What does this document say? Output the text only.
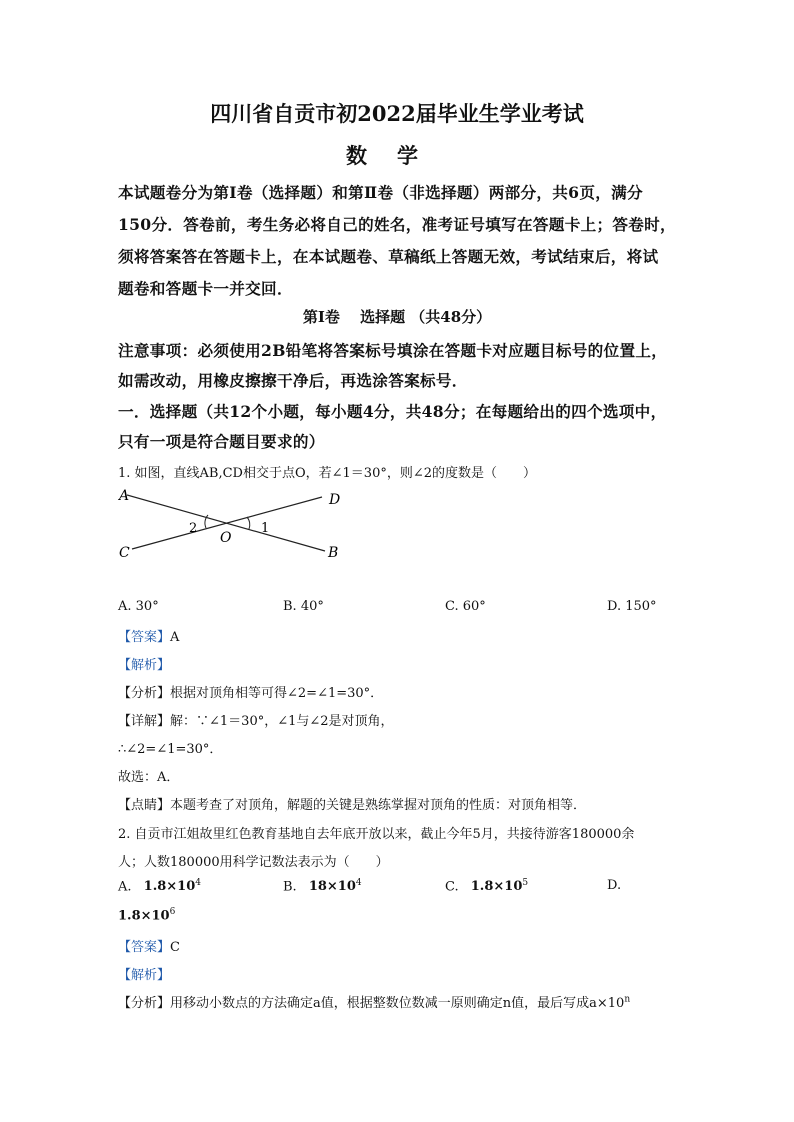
四川省自贡市初2022届毕业生学业考试
数学
本试题卷分为第Ⅰ卷（选择题）和第Ⅱ卷（非选择题）两部分，共6页，满分
150分．答卷前，考生务必将自己的姓名，准考证号填写在答题卡上；答卷时，
须将答案答在答题卡上，在本试题卷、草稿纸上答题无效，考试结束后，将试
题卷和答题卡一并交回．
第Ⅰ卷　 选择题 （共48分）
注意事项：必须使用2B铅笔将答案标号填涂在答题卡对应题目标号的位置上，
如需改动，用橡皮擦擦干净后，再选涂答案标号．
一．选择题（共12个小题，每小题4分，共48分；在每题给出的四个选项中，
只有一项是符合题目要求的）
1. 如图，直线AB,CD相交于点O，若∠1＝30°，则∠2的度数是（　　）
A	D
C	B
O
2	1
A. 30°	B. 40°	C. 60°	D. 150°
【答案】A
【解析】
【分析】根据对顶角相等可得∠2=∠1=30°．
【详解】解：∵∠1＝30°，∠1与∠2是对顶角，
∴∠2=∠1=30°．
故选：A．
【点睛】本题考查了对顶角，解题的关键是熟练掌握对顶角的性质：对顶角相等．
2. 自贡市江姐故里红色教育基地自去年底开放以来，截止今年5月，共接待游客180000余
人；人数180000用科学记数法表示为（　　）
A. $1.8\times 10^4$	B. $18\times 10^4$	C. $1.8\times 10^5$	D.
$1.8\times 10^6$
【答案】C
【解析】
【分析】用移动小数点的方法确定a值，根据整数位数减一原则确定n值，最后写成$a\times 10^n$
